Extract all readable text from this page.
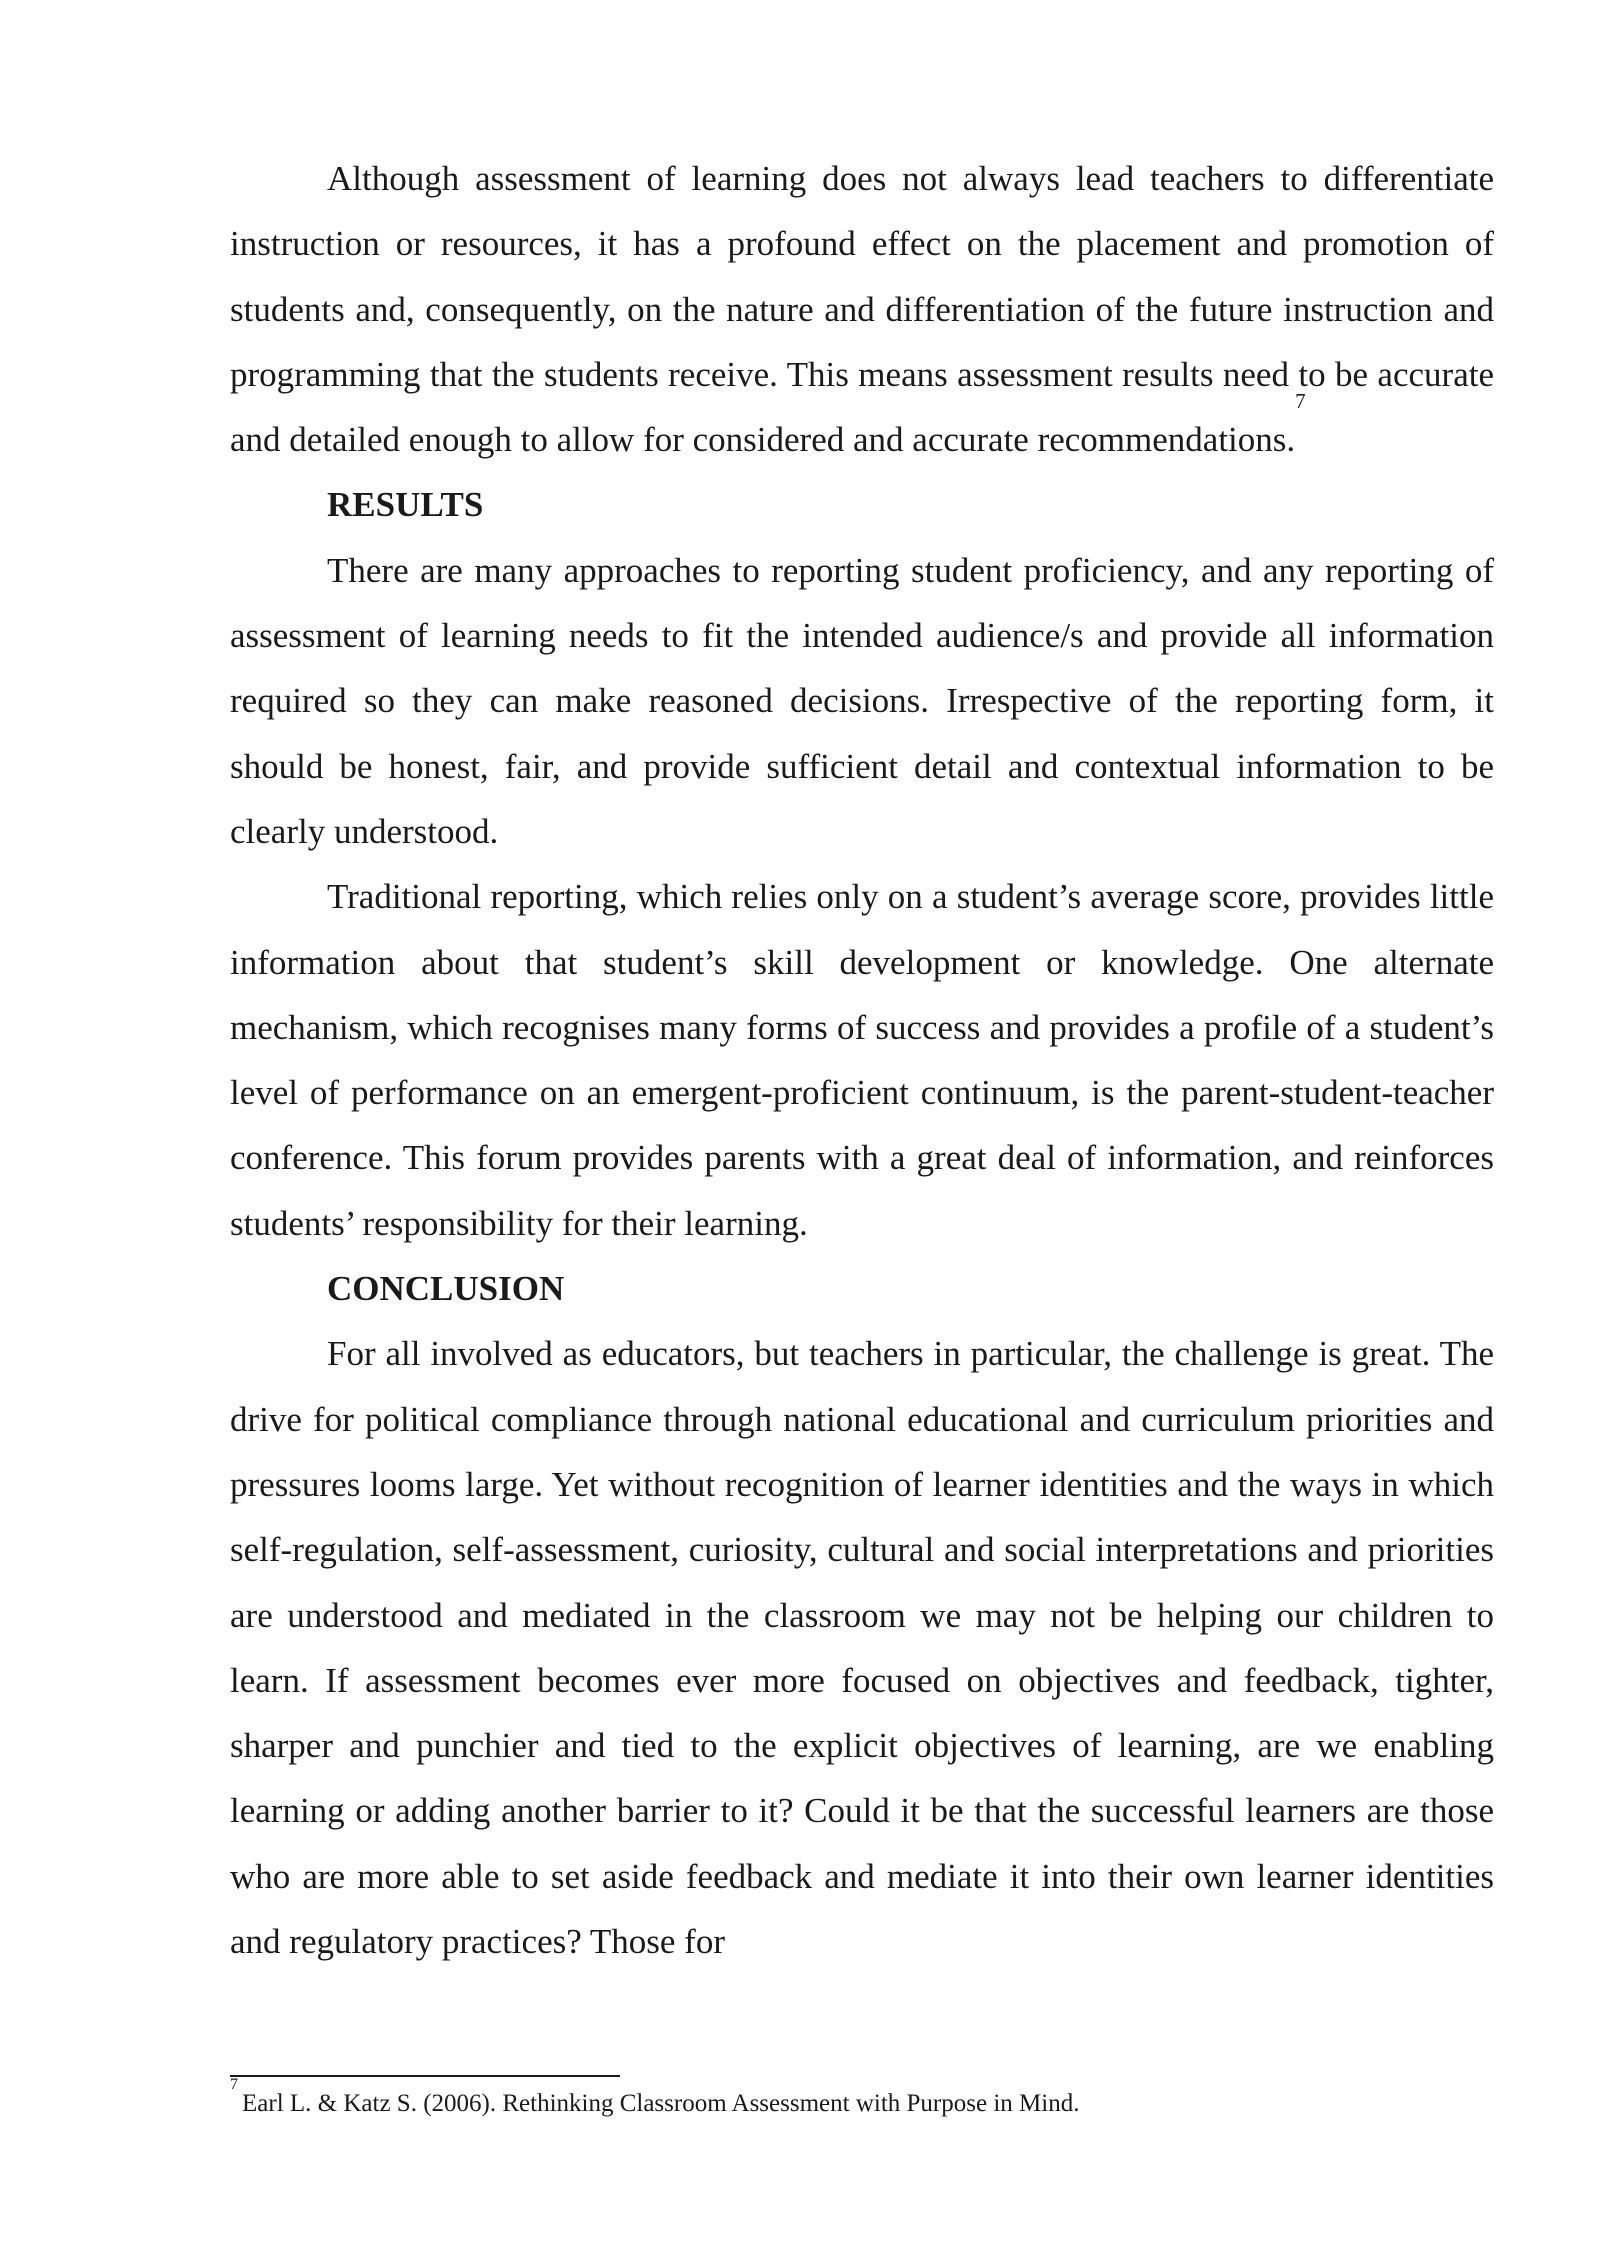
Although assessment of learning does not always lead teachers to differentiate instruction or resources, it has a profound effect on the placement and promotion of students and, consequently, on the nature and differentiation of the future instruction and programming that the students receive. This means assessment results need to be accurate and detailed enough to allow for considered and accurate recommendations.$^7$

RESULTS

There are many approaches to reporting student proficiency, and any reporting of assessment of learning needs to fit the intended audience/s and provide all information required so they can make reasoned decisions. Irrespective of the reporting form, it should be honest, fair, and provide sufficient detail and contextual information to be clearly understood.

Traditional reporting, which relies only on a student’s average score, provides little information about that student’s skill development or knowledge. One alternate mechanism, which recognises many forms of success and provides a profile of a student’s level of performance on an emergent-proficient continuum, is the parent-student-teacher conference. This forum provides parents with a great deal of information, and reinforces students’ responsibility for their learning.

CONCLUSION

For all involved as educators, but teachers in particular, the challenge is great. The drive for political compliance through national educational and curriculum priorities and pressures looms large. Yet without recognition of learner identities and the ways in which self-regulation, self-assessment, curiosity, cultural and social interpretations and priorities are understood and mediated in the classroom we may not be helping our children to learn. If assessment becomes ever more focused on objectives and feedback, tighter, sharper and punchier and tied to the explicit objectives of learning, are we enabling learning or adding another barrier to it? Could it be that the successful learners are those who are more able to set aside feedback and mediate it into their own learner identities and regulatory practices? Those for

$^7$Earl L. & Katz S. (2006). Rethinking Classroom Assessment with Purpose in Mind.
